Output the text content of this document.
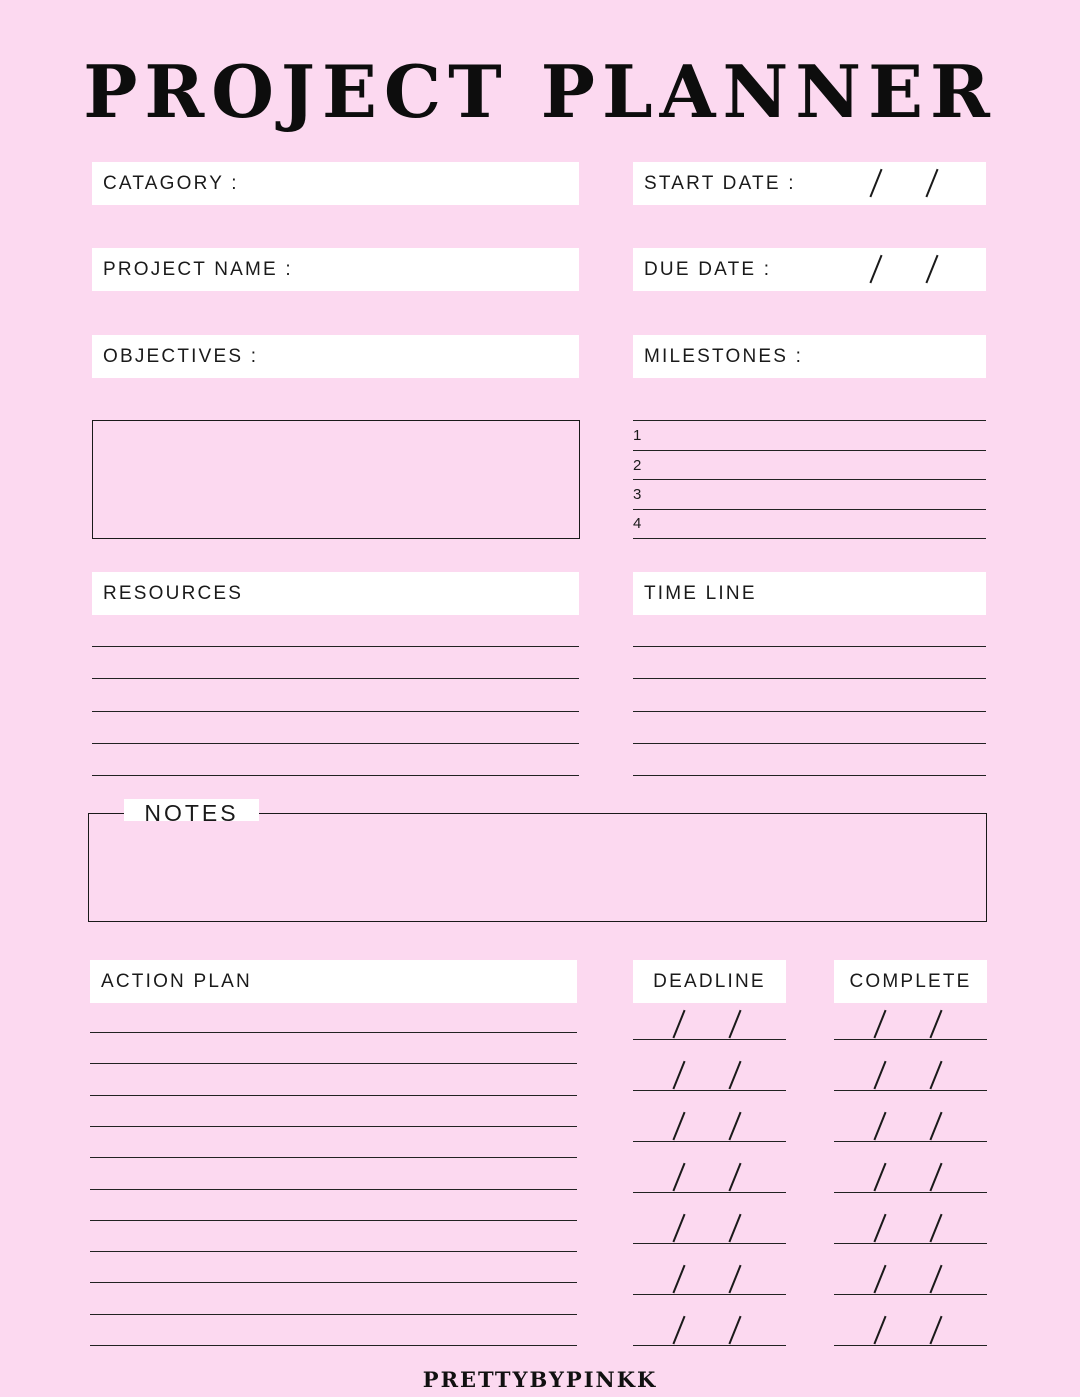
PROJECT PLANNER
CATAGORY :	START DATE :
PROJECT NAME :	DUE DATE :
OBJECTIVES :	MILESTONES :
1
2
3
4
RESOURCES	TIME LINE
NOTES
ACTION PLAN	DEADLINE	COMPLETE
PRETTYBYPINKK
